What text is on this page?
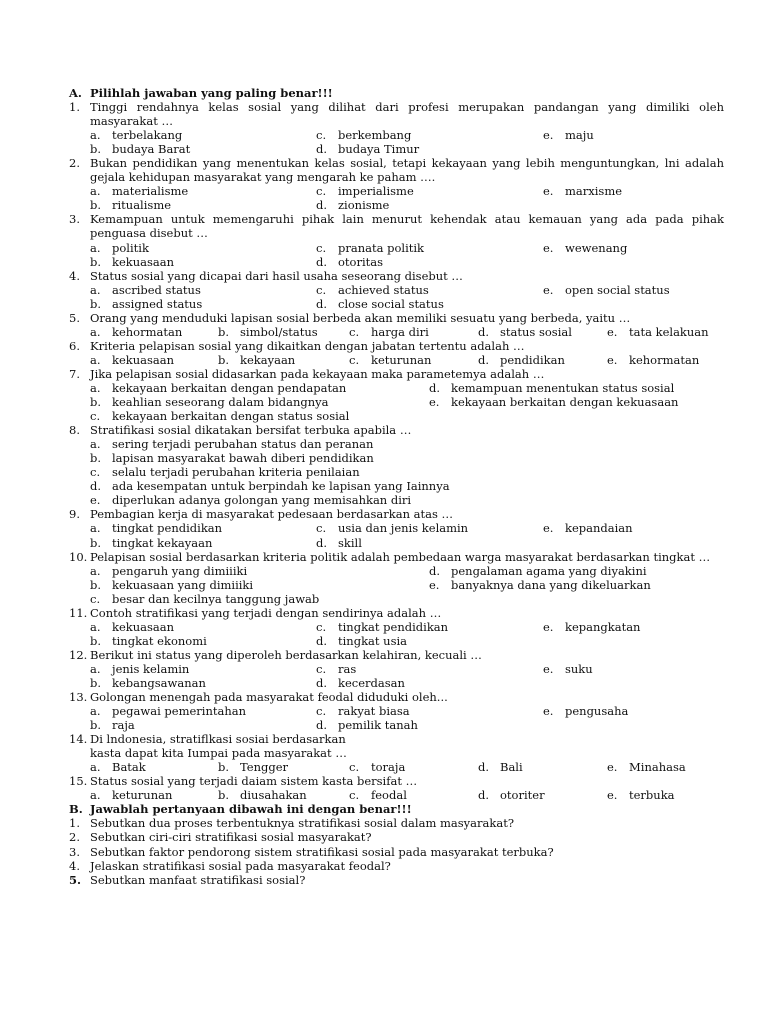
A. Pilihlah jawaban yang paling benar!!!
1. Tinggi rendahnya kelas sosial yang dilihat dari profesi merupakan pandangan yang dimiliki oleh
masyarakat …
a. terbelakang	c. berkembang	e. maju
b. budaya Barat	d. budaya Timur
2. Bukan pendidikan yang menentukan kelas sosial, tetapi kekayaan yang lebih menguntungkan, lni adalah
gejala kehidupan masyarakat yang mengarah ke paham ….
a. materialisme	c. imperialisme	e. marxisme
b. ritualisme	d. zionisme
3. Kemampuan untuk memengaruhi pihak lain menurut kehendak atau kemauan yang ada pada pihak
penguasa disebut …
a. politik	c. pranata politik	e. wewenang
b. kekuasaan	d. otoritas
4. Status sosial yang dicapai dari hasil usaha seseorang disebut …
a. ascribed status	c. achieved status	e. open social status
b. assigned status	d. close social status
5. Orang yang menduduki lapisan sosial berbeda akan memiliki sesuatu yang berbeda, yaitu …
a. kehormatan	b. simbol/status	c. harga diri	d. status sosial	e. tata kelakuan
6. Kriteria pelapisan sosial yang dikaitkan dengan jabatan tertentu adalah …
a. kekuasaan	b. kekayaan	c. keturunan	d. pendidikan	e. kehormatan
7. Jika pelapisan sosial didasarkan pada kekayaan maka parametemya adalah …
a. kekayaan berkaitan dengan pendapatan	d. kemampuan menentukan status sosial
b. keahlian seseorang dalam bidangnya	e. kekayaan berkaitan dengan kekuasaan
c. kekayaan berkaitan dengan status sosial
8. Stratifikasi sosial dikatakan bersifat terbuka apabila …
a. sering terjadi perubahan status dan peranan
b. lapisan masyarakat bawah diberi pendidikan
c. selalu terjadi perubahan kriteria penilaian
d. ada kesempatan untuk berpindah ke lapisan yang Iainnya
e. diperlukan adanya golongan yang memisahkan diri
9. Pembagian kerja di masyarakat pedesaan berdasarkan atas …
a. tingkat pendidikan	c. usia dan jenis kelamin	e. kepandaian
b. tingkat kekayaan	d. skill
10. Pelapisan sosial berdasarkan kriteria politik adalah pembedaan warga masyarakat berdasarkan tingkat …
a. pengaruh yang dimiiiki	d. pengalaman agama yang diyakini
b. kekuasaan yang dimiiiki	e. banyaknya dana yang dikeluarkan
c. besar dan kecilnya tanggung jawab
11. Contoh stratifikasi yang terjadi dengan sendirinya adalah …
a. kekuasaan	c. tingkat pendidikan	e. kepangkatan
b. tingkat ekonomi	d. tingkat usia
12. Berikut ini status yang diperoleh berdasarkan kelahiran, kecuali …
a. jenis kelamin	c. ras	e. suku
b. kebangsawanan	d. kecerdasan
13. Golongan menengah pada masyarakat feodal diduduki oleh...
a. pegawai pemerintahan	c. rakyat biasa	e. pengusaha
b. raja	d. pemilik tanah
14. Di lndonesia, stratiflkasi sosiai berdasarkan
kasta dapat kita Iumpai pada masyarakat …
a. Batak	b. Tengger	c. toraja	d. Bali	e. Minahasa
15. Status sosial yang terjadi daiam sistem kasta bersifat …
a. keturunan	b. diusahakan	c. feodal	d. otoriter	e. terbuka
B. Jawablah pertanyaan dibawah ini dengan benar!!!
1. Sebutkan dua proses terbentuknya stratifikasi sosial dalam masyarakat?
2. Sebutkan ciri-ciri stratifikasi sosial masyarakat?
3. Sebutkan faktor pendorong sistem stratifikasi sosial pada masyarakat terbuka?
4. Jelaskan stratifikasi sosial pada masyarakat feodal?
5. Sebutkan manfaat stratifikasi sosial?
